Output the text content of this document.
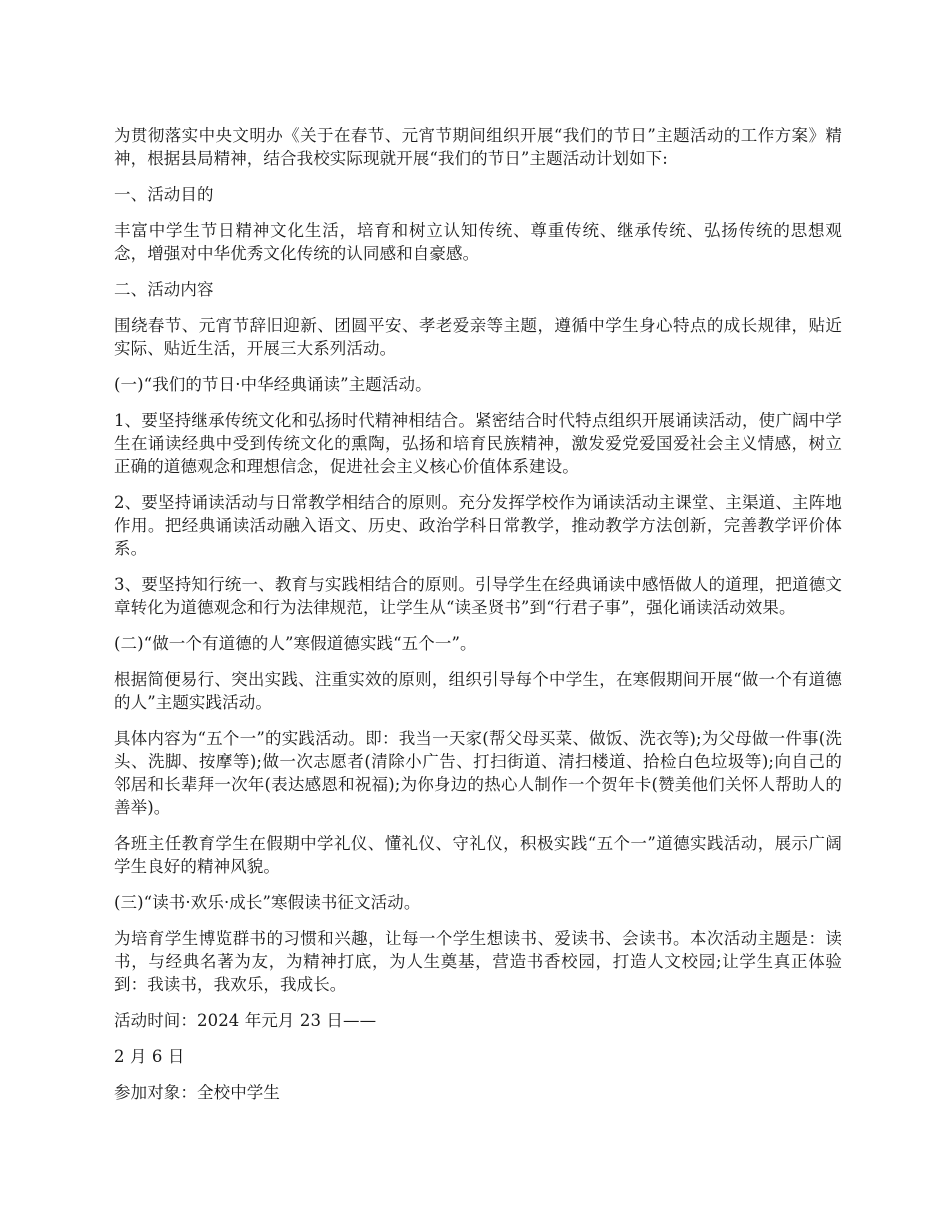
为贯彻落实中央文明办《关于在春节、元宵节期间组织开展“我们的节日”主题活动的工作方案》精神，根据县局精神，结合我校实际现就开展“我们的节日”主题活动计划如下:

一、活动目的

丰富中学生节日精神文化生活，培育和树立认知传统、尊重传统、继承传统、弘扬传统的思想观念，增强对中华优秀文化传统的认同感和自豪感。

二、活动内容

围绕春节、元宵节辞旧迎新、团圆平安、孝老爱亲等主题，遵循中学生身心特点的成长规律，贴近实际、贴近生活，开展三大系列活动。

(一)“我们的节日·中华经典诵读”主题活动。

1、要坚持继承传统文化和弘扬时代精神相结合。紧密结合时代特点组织开展诵读活动，使广阔中学生在诵读经典中受到传统文化的熏陶，弘扬和培育民族精神，激发爱党爱国爱社会主义情感，树立正确的道德观念和理想信念，促进社会主义核心价值体系建设。

2、要坚持诵读活动与日常教学相结合的原则。充分发挥学校作为诵读活动主课堂、主渠道、主阵地作用。把经典诵读活动融入语文、历史、政治学科日常教学，推动教学方法创新，完善教学评价体系。

3、要坚持知行统一、教育与实践相结合的原则。引导学生在经典诵读中感悟做人的道理，把道德文章转化为道德观念和行为法律规范，让学生从“读圣贤书”到“行君子事”，强化诵读活动效果。

(二)“做一个有道德的人”寒假道德实践“五个一”。

根据简便易行、突出实践、注重实效的原则，组织引导每个中学生，在寒假期间开展“做一个有道德的人”主题实践活动。

具体内容为“五个一”的实践活动。即：我当一天家(帮父母买菜、做饭、洗衣等);为父母做一件事(洗头、洗脚、按摩等);做一次志愿者(清除小广告、打扫街道、清扫楼道、拾检白色垃圾等);向自己的邻居和长辈拜一次年(表达感恩和祝福);为你身边的热心人制作一个贺年卡(赞美他们关怀人帮助人的善举)。

各班主任教育学生在假期中学礼仪、懂礼仪、守礼仪，积极实践“五个一”道德实践活动，展示广阔学生良好的精神风貌。

(三)“读书·欢乐·成长”寒假读书征文活动。

为培育学生博览群书的习惯和兴趣，让每一个学生想读书、爱读书、会读书。本次活动主题是：读书，与经典名著为友，为精神打底，为人生奠基，营造书香校园，打造人文校园;让学生真正体验到：我读书，我欢乐，我成长。

活动时间：2024 年元月 23 日——

2 月 6 日

参加对象：全校中学生
